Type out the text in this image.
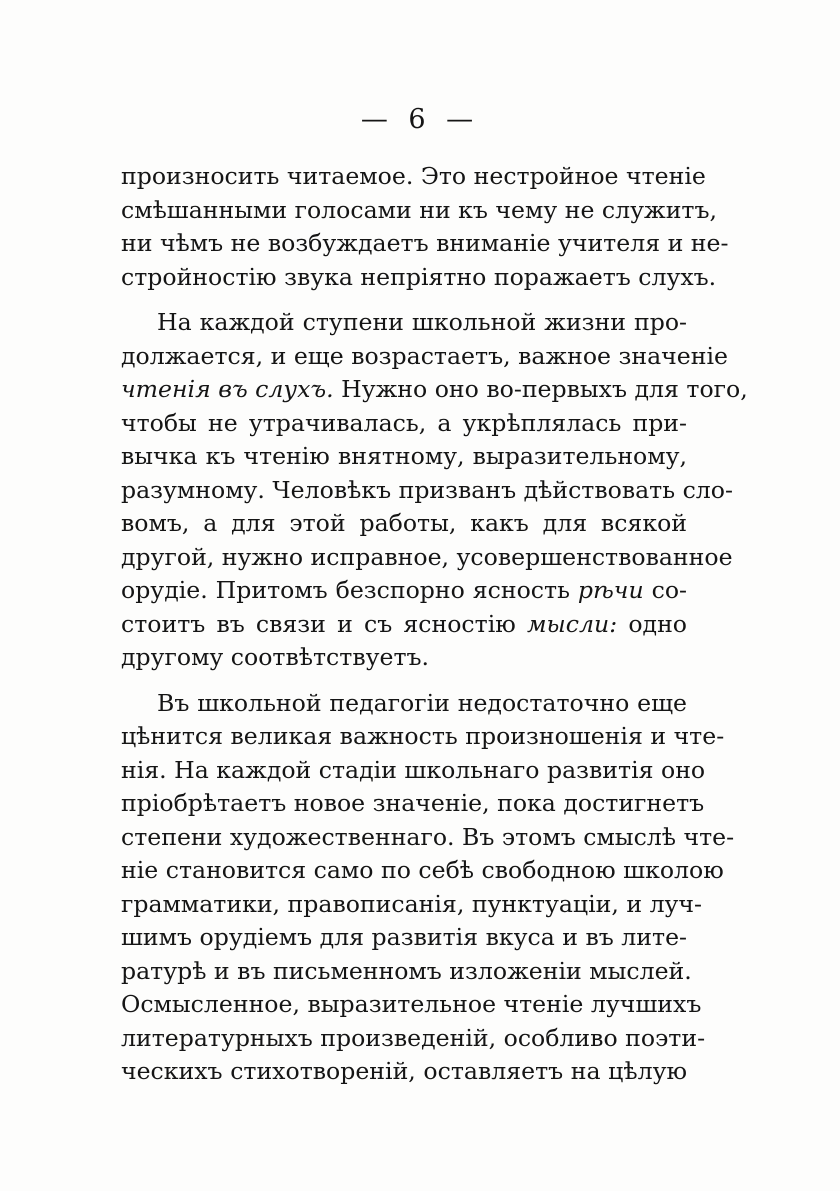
— 6 —
произносить читаемое. Это нестройное чтеніе
смѣшанными голосами ни къ чему не служитъ,
ни чѣмъ не возбуждаетъ вниманіе учителя и не-
стройностію звука непріятно поражаетъ слухъ.
На каждой ступени школьной жизни про-
должается, и еще возрастаетъ, важное значеніе
чтенія въ слухъ. Нужно оно во-первыхъ для того,
чтобы не утрачивалась, а укрѣплялась при-
вычка къ чтенію внятному, выразительному,
разумному. Человѣкъ призванъ дѣйствовать сло-
вомъ, а для этой работы, какъ для всякой
другой, нужно исправное, усовершенствованное
орудіе. Притомъ безспорно ясность рѣчи со-
стоитъ въ связи и съ ясностію мысли: одно
другому соотвѣтствуетъ.
Въ школьной педагогіи недостаточно еще
цѣнится великая важность произношенія и чте-
нія. На каждой стадіи школьнаго развитія оно
пріобрѣтаетъ новое значеніе, пока достигнетъ
степени художественнаго. Въ этомъ смыслѣ чте-
ніе становится само по себѣ свободною школою
грамматики, правописанія, пунктуаціи, и луч-
шимъ орудіемъ для развитія вкуса и въ лите-
ратурѣ и въ письменномъ изложеніи мыслей.
Осмысленное, выразительное чтеніе лучшихъ
литературныхъ произведеній, особливо поэти-
ческихъ стихотвореній, оставляетъ на цѣлую
